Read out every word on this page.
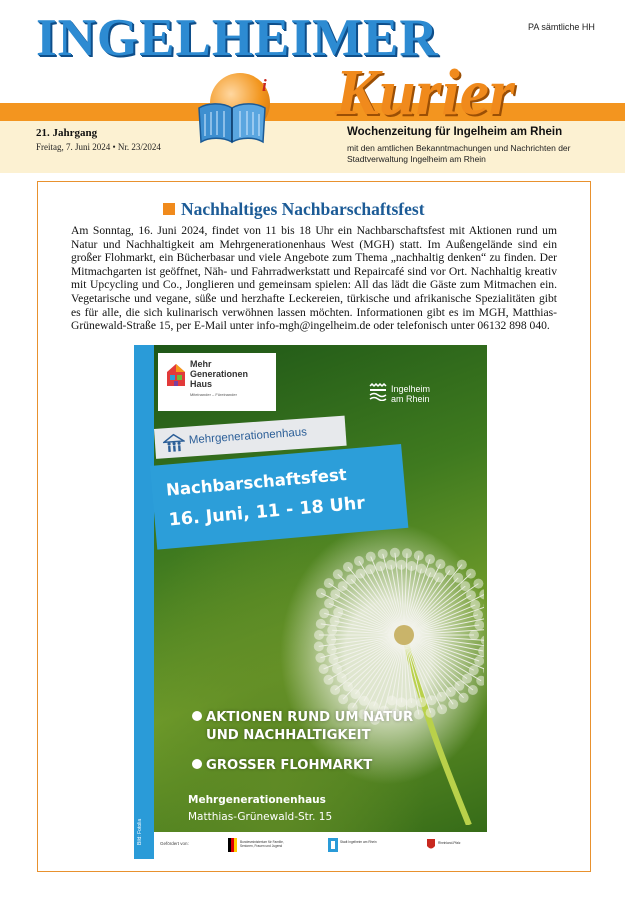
INGELHEIMER	PA sämtliche HH
i Kurier
21. Jahrgang
Freitag, 7. Juni 2024 • Nr. 23/2024
Wochenzeitung für Ingelheim am Rhein
mit den amtlichen Bekanntmachungen und Nachrichten der Stadtverwaltung Ingelheim am Rhein
Nachhaltiges Nachbarschaftsfest
Am Sonntag, 16. Juni 2024, findet von 11 bis 18 Uhr ein Nachbarschaftsfest mit Aktionen rund um Natur und Nachhaltigkeit am Mehrgenerationenhaus West (MGH) statt. Im Außengelände sind ein großer Flohmarkt, ein Bücherbasar und viele Angebote zum Thema „nachhaltig denken“ zu finden. Der Mitmachgarten ist geöffnet, Näh- und Fahrradwerkstatt und Repaircafé sind vor Ort. Nachhaltig kreativ mit Upcycling und Co., Jonglieren und gemeinsam spielen: All das lädt die Gäste zum Mitmachen ein. Vegetarische und vegane, süße und herzhafte Leckereien, türkische und afrikanische Spezialitäten gibt es für alle, die sich kulinarisch verwöhnen lassen möchten. Informationen gibt es im MGH, Matthias-Grünewald-Straße 15, per E-Mail unter info-mgh@ingelheim.de oder telefonisch unter 06132 898 040.
Bild: Fotolia
Mehr
Generationen
Haus
Miteinander – Füreinander
Ingelheim
am Rhein
Mehrgenerationenhaus
Nachbarschaftsfest
16. Juni, 11 - 18 Uhr
AKTIONEN RUND UM NATUR
UND NACHHALTIGKEIT
GROSSER FLOHMARKT
Mehrgenerationenhaus
Matthias-Grünewald-Str. 15
Gefördert von:	Bundesministerium für Familie, Senioren, Frauen und Jugend
Stadt Ingelheim am Rhein	Rheinland-Pfalz
